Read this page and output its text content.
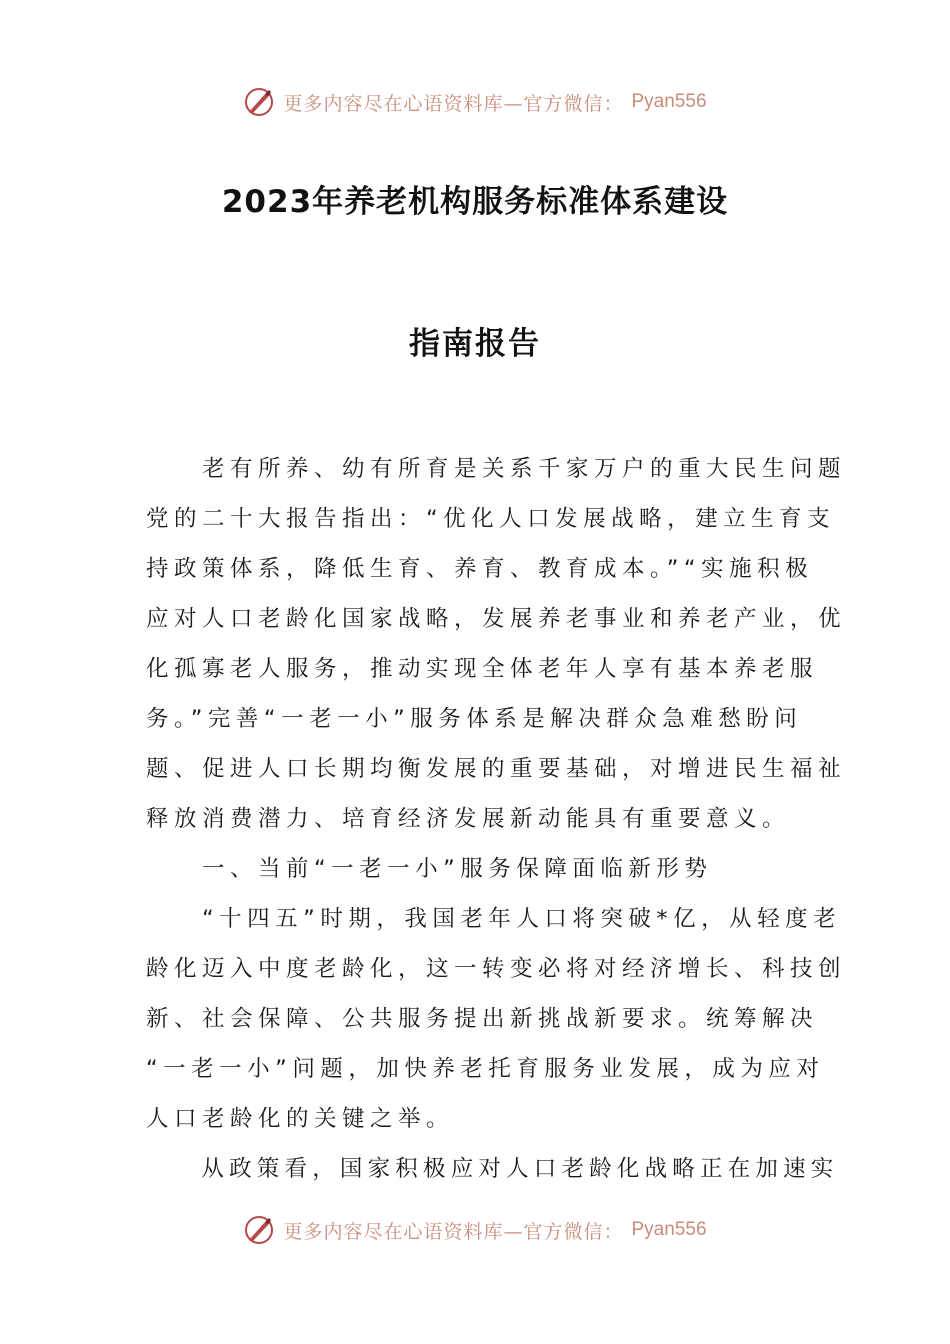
更多内容尽在心语资料库—官方微信： Pyan556
2023年养老机构服务标准体系建设
指南报告
　　老有所养、幼有所育是关系千家万户的重大民生问题
党的二十大报告指出：“优化人口发展战略，建立生育支
持政策体系，降低生育、养育、教育成本。”“实施积极
应对人口老龄化国家战略，发展养老事业和养老产业，优
化孤寡老人服务，推动实现全体老年人享有基本养老服
务。”完善“一老一小”服务体系是解决群众急难愁盼问
题、促进人口长期均衡发展的重要基础，对增进民生福祉
释放消费潜力、培育经济发展新动能具有重要意义。
　　一、当前“一老一小”服务保障面临新形势
　　“十四五”时期，我国老年人口将突破*亿，从轻度老
龄化迈入中度老龄化，这一转变必将对经济增长、科技创
新、社会保障、公共服务提出新挑战新要求。统筹解决
“一老一小”问题，加快养老托育服务业发展，成为应对
人口老龄化的关键之举。
　　从政策看，国家积极应对人口老龄化战略正在加速实
更多内容尽在心语资料库—官方微信： Pyan556
